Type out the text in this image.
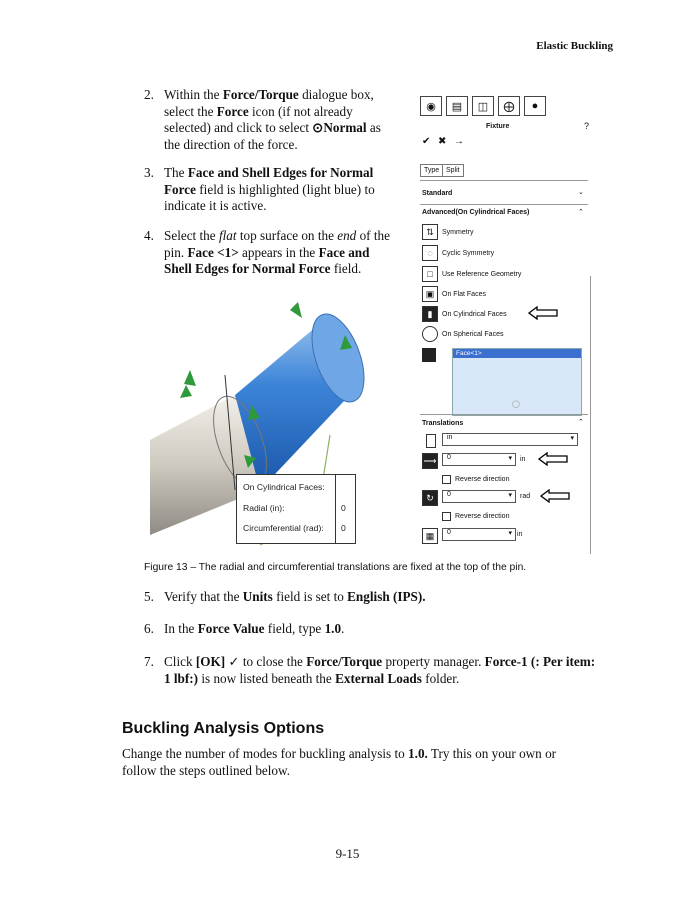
Elastic Buckling
2. Within the Force/Torque dialogue box,
select the Force icon (if not already
selected) and click to select ⊙Normal as
the direction of the force.
3. The Face and Shell Edges for Normal
Force field is highlighted (light blue) to
indicate it is active.
4. Select the flat top surface on the end of the
pin. Face <1> appears in the Face and
Shell Edges for Normal Force field.
On Cylindrical Faces:
Radial (in):	0
Circumferential (rad): 0
◉	▤	◫	⨁	●
Fixture	?
✔ ✖ →
Type Split
Standard	⌄
Advanced(On Cylindrical Faces)	⌃
⇅	Symmetry
◌	Cyclic Symmetry
□	Use Reference Geometry
▣	On Flat Faces
▮	On Cylindrical Faces
On Spherical Faces
Face<1>
◯
Translations	⌃
in	▾
⟶	0	▾ in
Reverse direction
↻	0	▾ rad
Reverse direction
▦	0	▾ in
Figure 13 – The radial and circumferential translations are fixed at the top of the pin.
5. Verify that the Units field is set to English (IPS).
6. In the Force Value field, type 1.0.
7. Click [OK] ✓ to close the Force/Torque property manager. Force-1 (: Per item:
1 lbf:) is now listed beneath the External Loads folder.
Buckling Analysis Options
Change the number of modes for buckling analysis to 1.0. Try this on your own or follow the steps outlined below.
9-15
